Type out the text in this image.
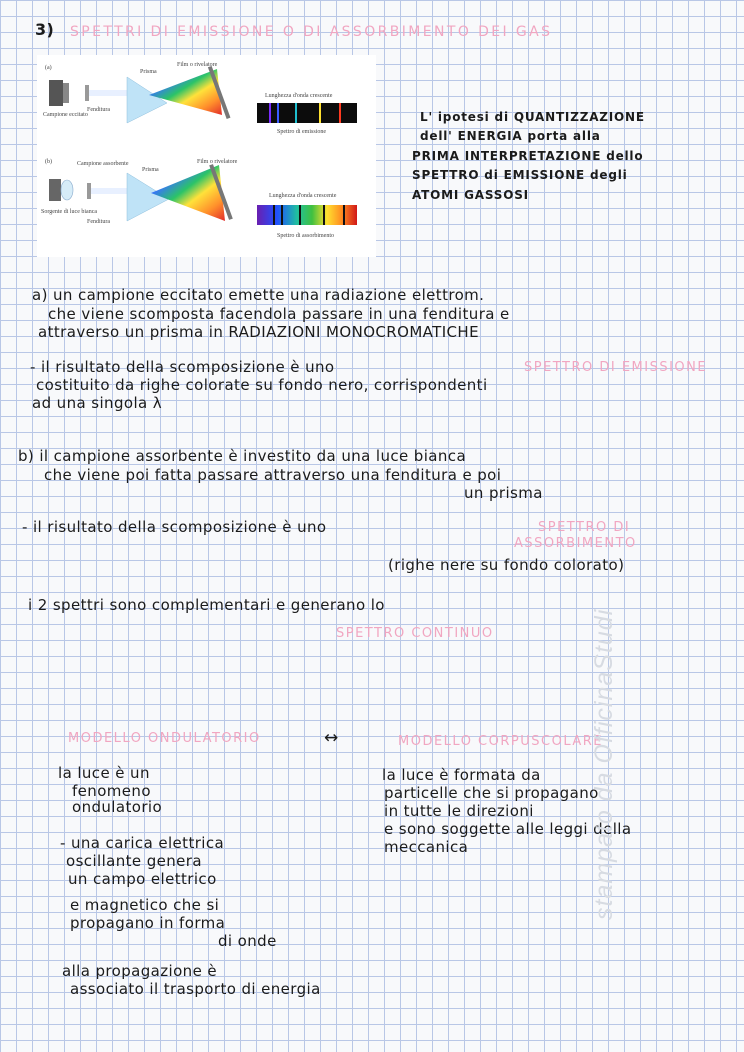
3) SPETTRI DI EMISSIONE O DI ASSORBIMENTO DEI GAS
(a)
Campione eccitato
Fenditura
Prisma
Film o rivelatore
Lunghezza d'onda crescente
Spettro di emissione
(b)
Sorgente di luce bianca
Campione assorbente
Fenditura
Prisma
Film o rivelatore
Lunghezza d'onda crescente
Spettro di assorbimento
L' ipotesi di QUANTIZZAZIONE
dell' ENERGIA porta alla
PRIMA INTERPRETAZIONE dello
SPETTRO di EMISSIONE degli
ATOMI GASSOSI
a) un campione eccitato emette una radiazione elettrom.
che viene scomposta facendola passare in una fenditura e
attraverso un prisma in RADIAZIONI MONOCROMATICHE
- il risultato della scomposizione è uno	SPETTRO DI EMISSIONE
costituito da righe colorate su fondo nero, corrispondenti
ad una singola λ
b) il campione assorbente è investito da una luce bianca
che viene poi fatta passare attraverso una fenditura e poi
un prisma
- il risultato della scomposizione è uno	SPETTRO DI
ASSORBIMENTO
(righe nere su fondo colorato)
i 2 spettri sono complementari e generano lo
SPETTRO CONTINUO
MODELLO ONDULATORIO	↔	MODELLO CORPUSCOLARE
la luce è un
fenomeno
ondulatorio
- una carica elettrica
oscillante genera
un campo elettrico
e magnetico che si
propagano in forma
di onde
la luce è formata da
particelle che si propagano
in tutte le direzioni
e sono soggette alle leggi della
meccanica
alla propagazione è
associato il trasporto di energia
stampato da OfficinaStudi
